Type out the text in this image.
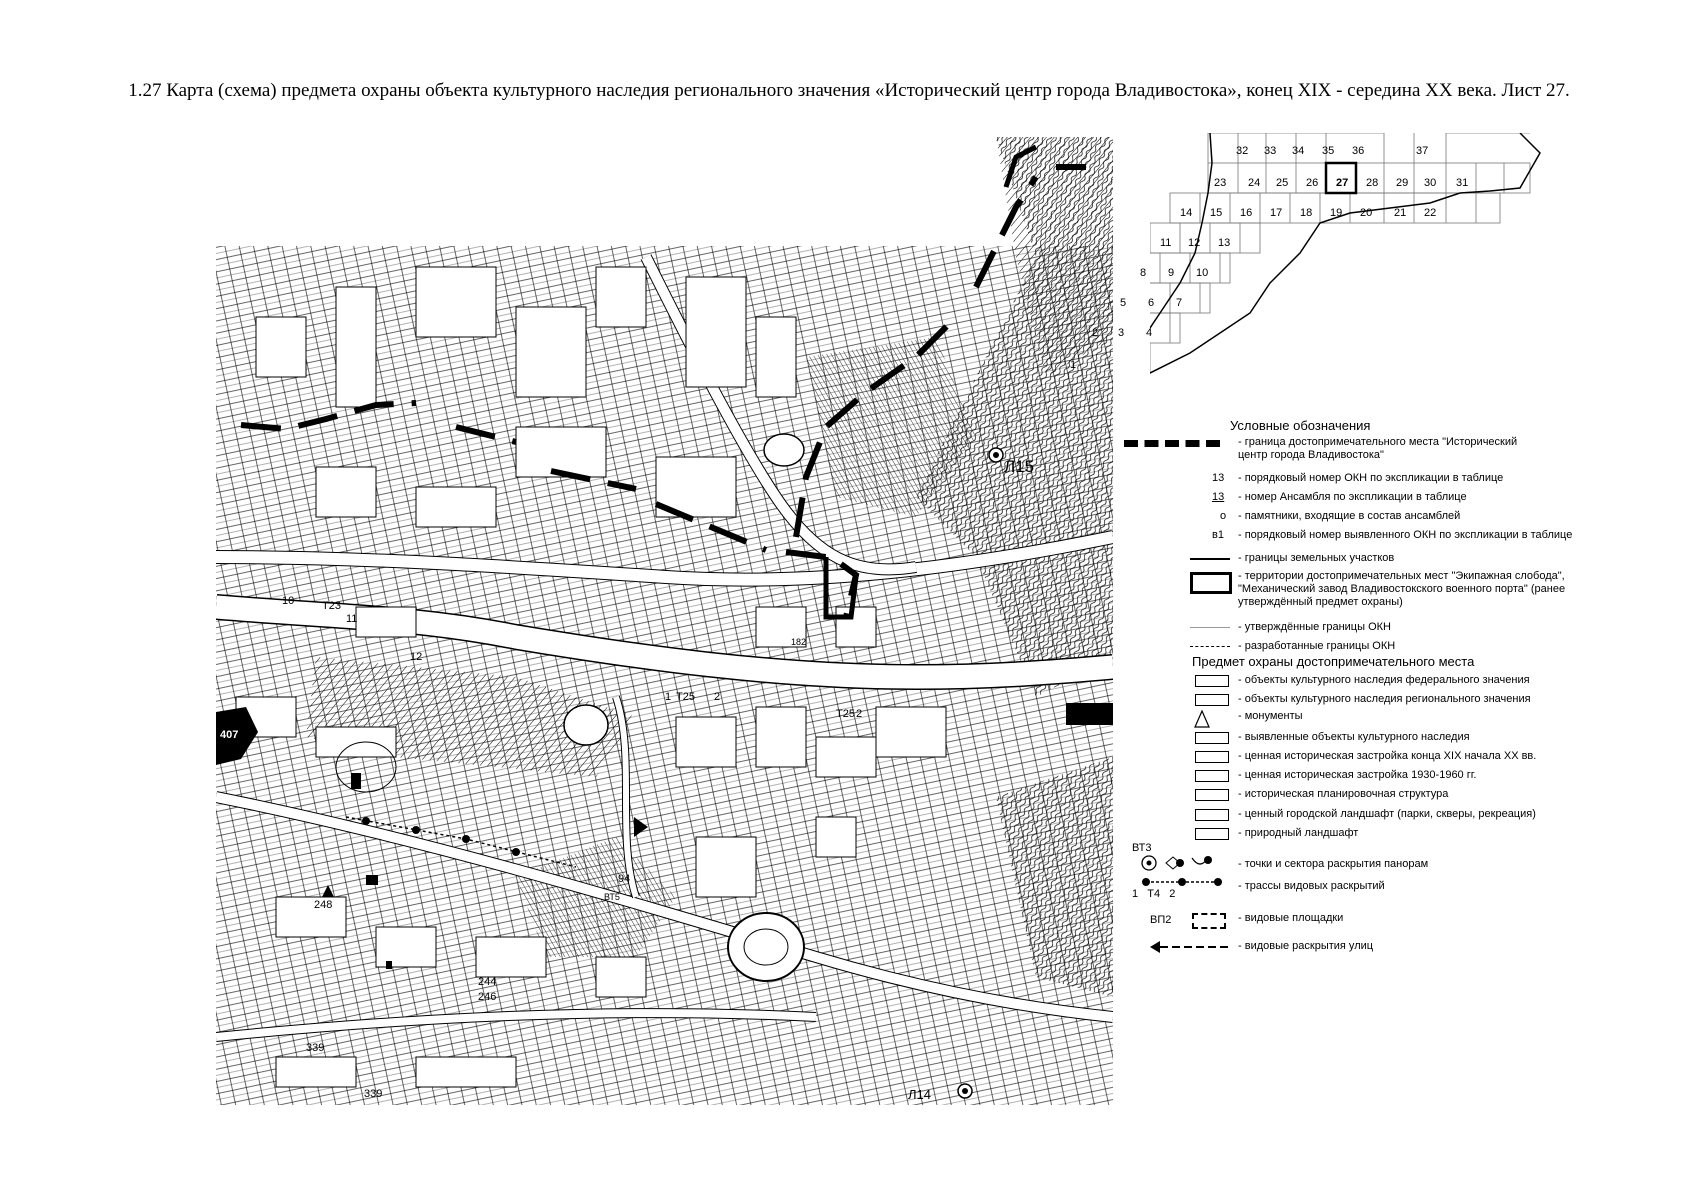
1.27 Карта (схема) предмета охраны объекта культурного наследия регионального значения «Исторический центр города Владивостока», конец XIX - середина XX века. Лист 27.
Л15
Л14
Т23
Т25
Т25
10
11
12
1	2
2
407
94
244
246
248
339
339
ВТ5
182
32 33 34 35 36	37
23 24 25 26 27 28 29 30 31
14 15 16 17 18 19 20 21 22
11 12 13
8 9 10
5 6 7
2 3 4
1
Условные обозначения
- граница достопримечательного места "Исторический центр города Владивостока"
13 - порядковый номер ОКН по экспликации в таблице
13 - номер Ансамбля по экспликации в таблице
о - памятники, входящие в состав ансамблей
в1 - порядковый номер выявленного ОКН по экспликации в таблице
- границы земельных участков
- территории достопримечательных мест "Экипажная слобода", "Механический завод Владивостокского военного порта" (ранее утверждённый предмет охраны)
- утверждённые границы ОКН
- разработанные границы ОКН
Предмет охраны достопримечательного места
- объекты культурного наследия федерального значения
- объекты культурного наследия регионального значения
- монументы
- выявленные объекты культурного наследия
- ценная историческая застройка конца XIX начала XX вв.
- ценная историческая застройка 1930-1960 гг.
- историческая планировочная структура
- ценный городской ландшафт (парки, скверы, рекреация)
- природный ландшафт
ВТ3
- точки и сектора раскрытия панорам
1   Т4   2
- трассы видовых раскрытий
ВП2	- видовые площадки
- видовые раскрытия улиц
